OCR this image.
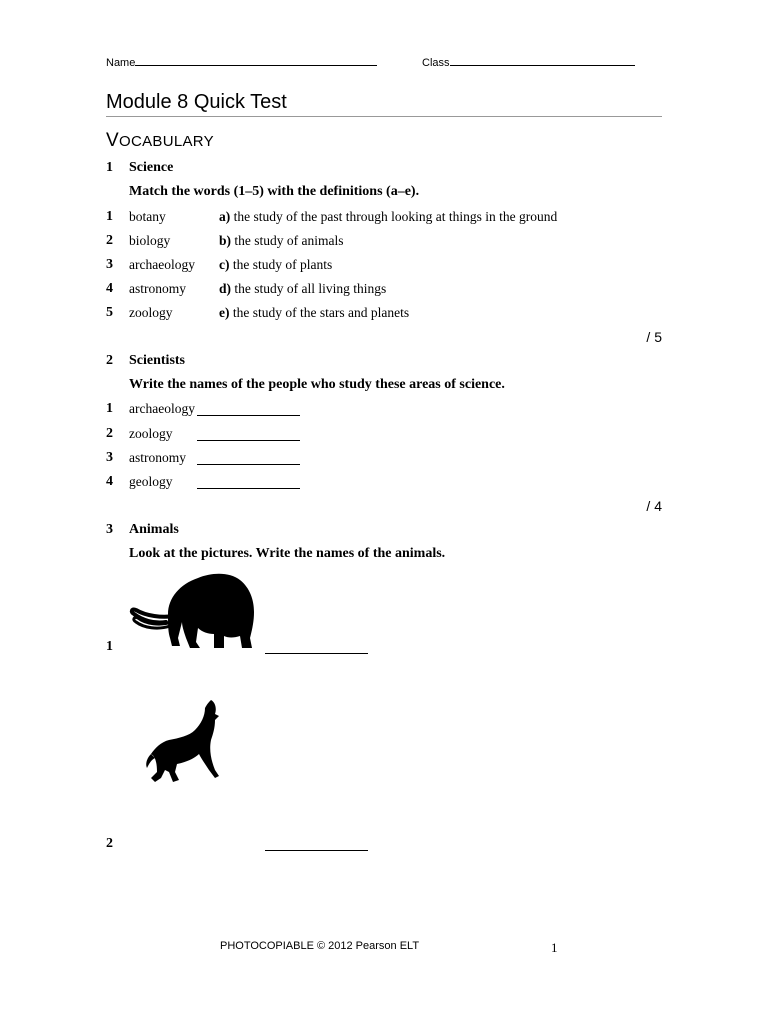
Name	Class
Module 8 Quick Test
VOCABULARY
1 Science
Match the words (1–5) with the definitions (a–e).
1 botany
2 biology
3 archaeology
4 astronomy
5 zoology
a) the study of the past through looking at things in the ground
b) the study of animals
c) the study of plants
d) the study of all living things
e) the study of the stars and planets
/ 5
2 Scientists
Write the names of the people who study these areas of science.
1 archaeology
2 zoology
3 astronomy
4 geology
/ 4
3 Animals
Look at the pictures. Write the names of the animals.
1
2
PHOTOCOPIABLE © 2012 Pearson ELT	1
